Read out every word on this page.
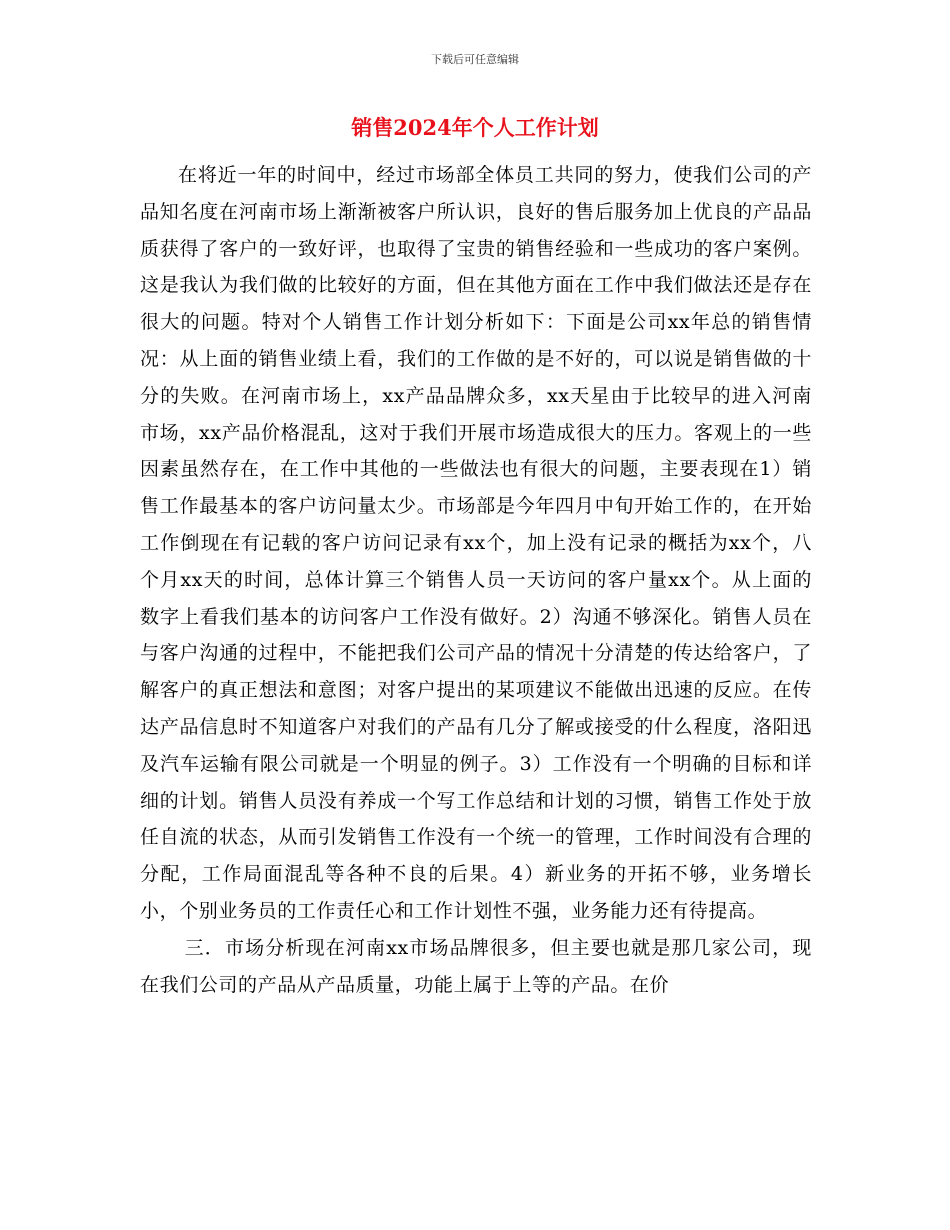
下载后可任意编辑
销售2024年个人工作计划

在将近一年的时间中，经过市场部全体员工共同的努力，使我们公司的产品知名度在河南市场上渐渐被客户所认识，良好的售后服务加上优良的产品品质获得了客户的一致好评，也取得了宝贵的销售经验和一些成功的客户案例。这是我认为我们做的比较好的方面，但在其他方面在工作中我们做法还是存在很大的问题。特对个人销售工作计划分析如下：下面是公司xx年总的销售情况：从上面的销售业绩上看，我们的工作做的是不好的，可以说是销售做的十分的失败。在河南市场上，xx产品品牌众多，xx天星由于比较早的进入河南市场，xx产品价格混乱，这对于我们开展市场造成很大的压力。客观上的一些因素虽然存在，在工作中其他的一些做法也有很大的问题，主要表现在1）销售工作最基本的客户访问量太少。市场部是今年四月中旬开始工作的，在开始工作倒现在有记载的客户访问记录有xx个，加上没有记录的概括为xx个，八个月xx天的时间，总体计算三个销售人员一天访问的客户量xx个。从上面的数字上看我们基本的访问客户工作没有做好。2）沟通不够深化。销售人员在与客户沟通的过程中，不能把我们公司产品的情况十分清楚的传达给客户，了解客户的真正想法和意图；对客户提出的某项建议不能做出迅速的反应。在传达产品信息时不知道客户对我们的产品有几分了解或接受的什么程度，洛阳迅及汽车运输有限公司就是一个明显的例子。3）工作没有一个明确的目标和详细的计划。销售人员没有养成一个写工作总结和计划的习惯，销售工作处于放任自流的状态，从而引发销售工作没有一个统一的管理，工作时间没有合理的分配，工作局面混乱等各种不良的后果。4）新业务的开拓不够，业务增长小，个别业务员的工作责任心和工作计划性不强，业务能力还有待提高。

三．市场分析现在河南xx市场品牌很多，但主要也就是那几家公司，现在我们公司的产品从产品质量，功能上属于上等的产品。在价
